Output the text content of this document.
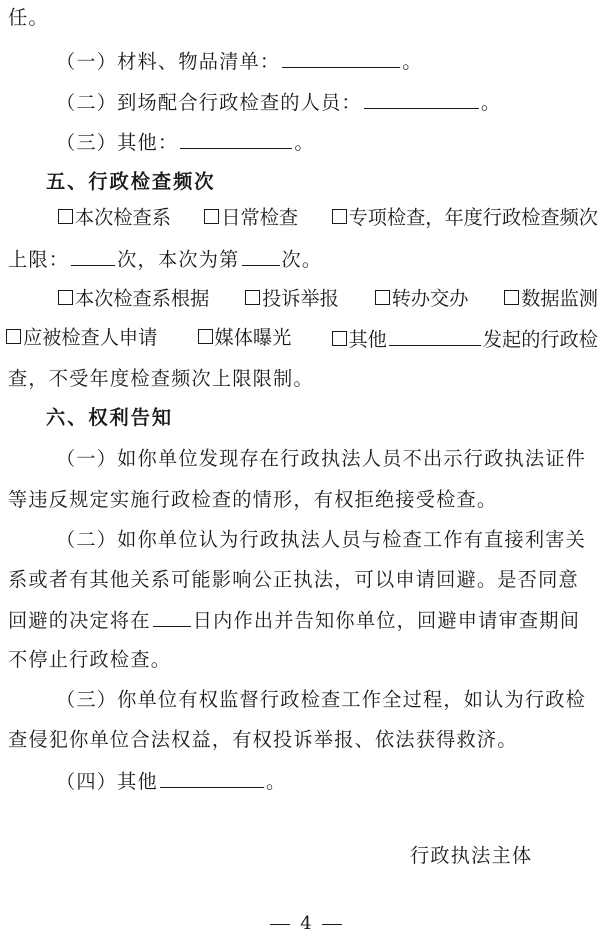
任。
（一）材料、物品清单：	。
（二）到场配合行政检查的人员：	。
（三）其他：	。
五、行政检查频次
本次检查系	日常检查	专项检查，年度行政检查频次
上限：	次，本次为第 次。
本次检查系根据	投诉举报	转办交办	数据监测
应被检查人申请	媒体曝光	其他	发起的行政检
查，不受年度检查频次上限限制。
六、权利告知
（一）如你单位发现存在行政执法人员不出示行政执法证件
等违反规定实施行政检查的情形，有权拒绝接受检查。
（二）如你单位认为行政执法人员与检查工作有直接利害关
系或者有其他关系可能影响公正执法，可以申请回避。是否同意
回避的决定将在 日内作出并告知你单位，回避申请审查期间
不停止行政检查。
（三）你单位有权监督行政检查工作全过程，如认为行政检
查侵犯你单位合法权益，有权投诉举报、依法获得救济。
（四）其他	。
行政执法主体
4
